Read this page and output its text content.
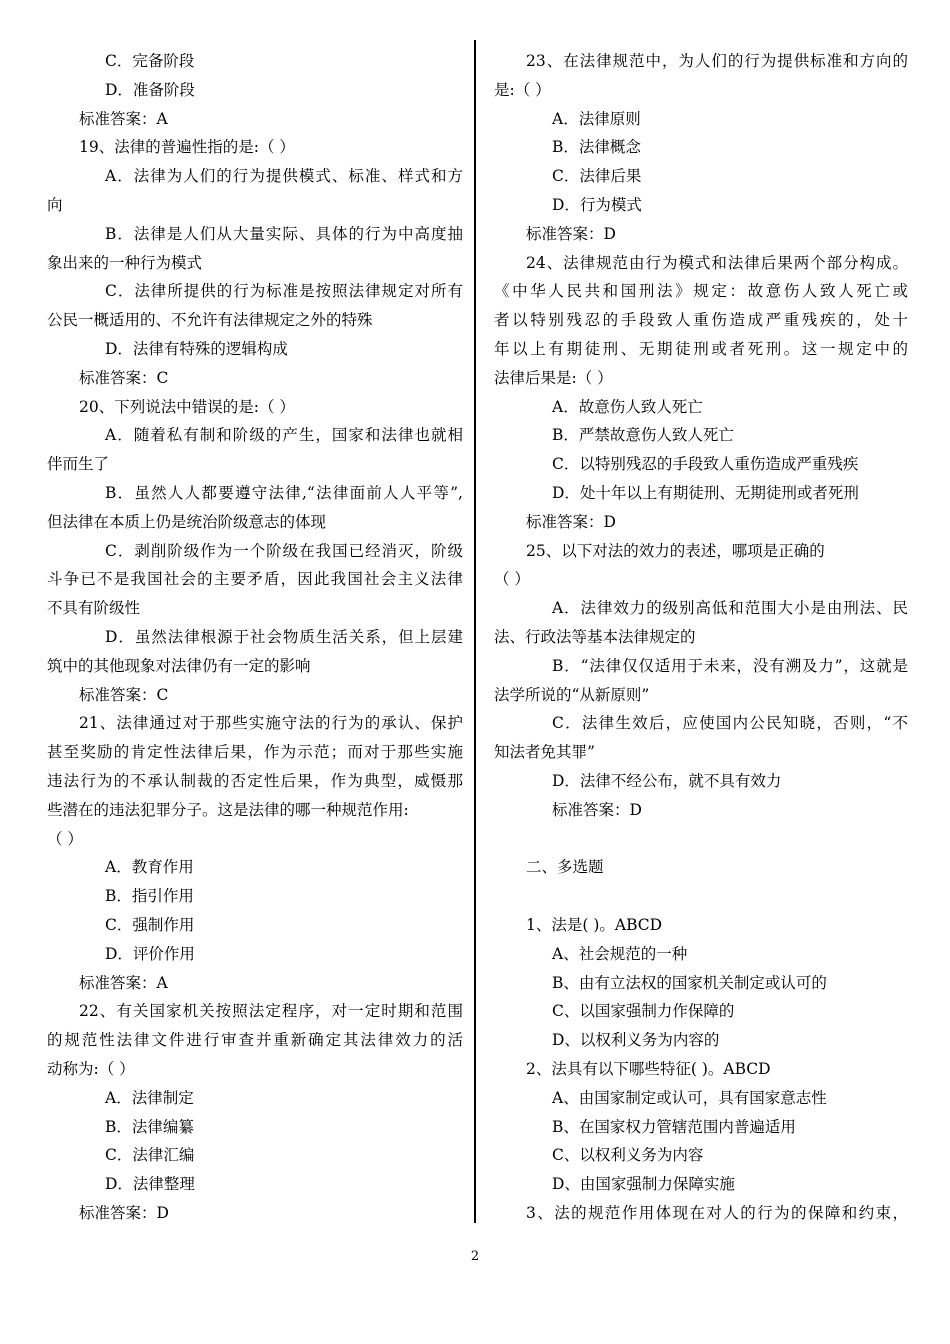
C．完备阶段
D．准备阶段
标准答案：A
19、法律的普遍性指的是:（ ）
A．法律为人们的行为提供模式、标准、样式和方
向
B．法律是人们从大量实际、具体的行为中高度抽
象出来的一种行为模式
C．法律所提供的行为标准是按照法律规定对所有
公民一概适用的、不允许有法律规定之外的特殊
D．法律有特殊的逻辑构成
标准答案：C
20、下列说法中错误的是:（ ）
A．随着私有制和阶级的产生，国家和法律也就相
伴而生了
B．虽然人人都要遵守法律,“法律面前人人平等”,
但法律在本质上仍是统治阶级意志的体现
C．剥削阶级作为一个阶级在我国已经消灭，阶级
斗争已不是我国社会的主要矛盾，因此我国社会主义法律
不具有阶级性
D．虽然法律根源于社会物质生活关系，但上层建
筑中的其他现象对法律仍有一定的影响
标准答案：C
21、法律通过对于那些实施守法的行为的承认、保护
甚至奖励的肯定性法律后果，作为示范；而对于那些实施
违法行为的不承认制裁的否定性后果，作为典型，威慑那
些潜在的违法犯罪分子。这是法律的哪一种规范作用:
（ ）
A．教育作用
B．指引作用
C．强制作用
D．评价作用
标准答案：A
22、有关国家机关按照法定程序，对一定时期和范围
的规范性法律文件进行审查并重新确定其法律效力的活
动称为:（ ）
A．法律制定
B．法律编纂
C．法律汇编
D．法律整理
标准答案：D
23、在法律规范中，为人们的行为提供标准和方向的
是:（ ）
A．法律原则
B．法律概念
C．法律后果
D．行为模式
标准答案：D
24、法律规范由行为模式和法律后果两个部分构成。
《中华人民共和国刑法》规定：故意伤人致人死亡或
者以特别残忍的手段致人重伤造成严重残疾的，处十
年以上有期徒刑、无期徒刑或者死刑。这一规定中的
法律后果是:（ ）
A．故意伤人致人死亡
B．严禁故意伤人致人死亡
C．以特别残忍的手段致人重伤造成严重残疾
D．处十年以上有期徒刑、无期徒刑或者死刑
标准答案：D
25、以下对法的效力的表述，哪项是正确的
（ ）
A．法律效力的级别高低和范围大小是由刑法、民
法、行政法等基本法律规定的
B．“法律仅仅适用于未来，没有溯及力”，这就是
法学所说的“从新原则”
C．法律生效后，应使国内公民知晓，否则，“不
知法者免其罪”
D．法律不经公布，就不具有效力
标准答案：D
二、多选题
1、法是( )。ABCD
A、社会规范的一种
B、由有立法权的国家机关制定或认可的
C、以国家强制力作保障的
D、以权利义务为内容的
2、法具有以下哪些特征( )。ABCD
A、由国家制定或认可，具有国家意志性
B、在国家权力管辖范围内普遍适用
C、以权利义务为内容
D、由国家强制力保障实施
3、法的规范作用体现在对人的行为的保障和约束，
2
